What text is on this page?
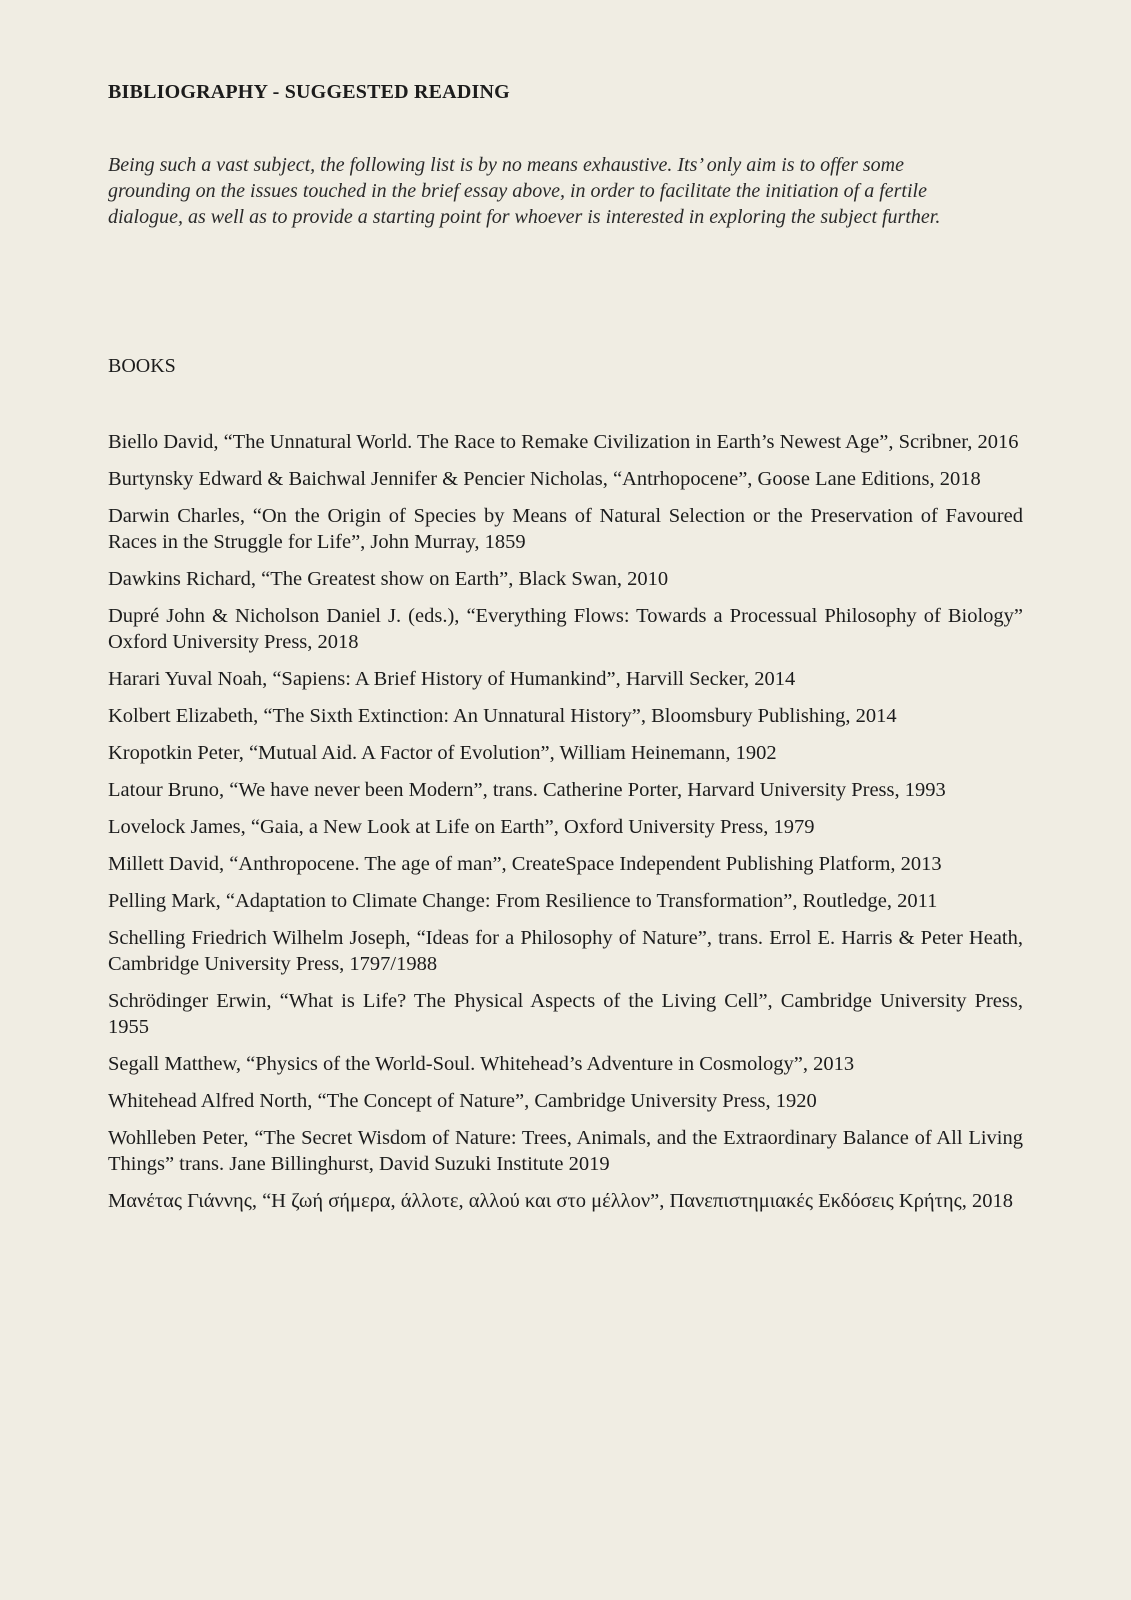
BIBLIOGRAPHY - SUGGESTED READING

Being such a vast subject, the following list is by no means exhaustive. Its’ only aim is to offer some grounding on the issues touched in the brief essay above, in order to facilitate the initiation of a fertile dialogue, as well as to provide a starting point for whoever is interested in exploring the subject further.

BOOKS
Biello David, “The Unnatural World. The Race to Remake Civilization in Earth’s Newest Age”, Scribner, 2016
Burtynsky Edward & Baichwal Jennifer & Pencier Nicholas, “Antrhopocene”, Goose Lane Editions, 2018
Darwin Charles, “On the Origin of Species by Means of Natural Selection or the Preservation of Favoured Races in the Struggle for Life”, John Murray, 1859
Dawkins Richard, “The Greatest show on Earth”, Black Swan, 2010
Dupré John & Nicholson Daniel J. (eds.), “Everything Flows: Towards a Processual Philosophy of Biology” Oxford University Press, 2018
Harari Yuval Noah, “Sapiens: A Brief History of Humankind”, Harvill Secker, 2014
Kolbert Elizabeth, “The Sixth Extinction: An Unnatural History”, Bloomsbury Publishing, 2014
Kropotkin Peter, “Mutual Aid. A Factor of Evolution”, William Heinemann, 1902
Latour Bruno, “We have never been Modern”, trans. Catherine Porter, Harvard University Press, 1993
Lovelock James, “Gaia, a New Look at Life on Earth”, Oxford University Press, 1979
Millett David, “Anthropocene. The age of man”, CreateSpace Independent Publishing Platform, 2013
Pelling Mark, “Adaptation to Climate Change: From Resilience to Transformation”, Routledge, 2011
Schelling Friedrich Wilhelm Joseph, “Ideas for a Philosophy of Nature”, trans. Errol E. Harris & Peter Heath, Cambridge University Press, 1797/1988
Schrödinger Erwin, “What is Life? The Physical Aspects of the Living Cell”, Cambridge University Press, 1955
Segall Matthew, “Physics of the World-Soul. Whitehead’s Adventure in Cosmology”, 2013
Whitehead Alfred North, “The Concept of Nature”, Cambridge University Press, 1920
Wohlleben Peter, “The Secret Wisdom of Nature: Trees, Animals, and the Extraordinary Balance of All Living Things” trans. Jane Billinghurst, David Suzuki Institute 2019
Μανέτας Γιάννης, “Η ζωή σήμερα, άλλοτε, αλλού και στο μέλλον”, Πανεπιστημιακές Εκδόσεις Κρήτης, 2018
